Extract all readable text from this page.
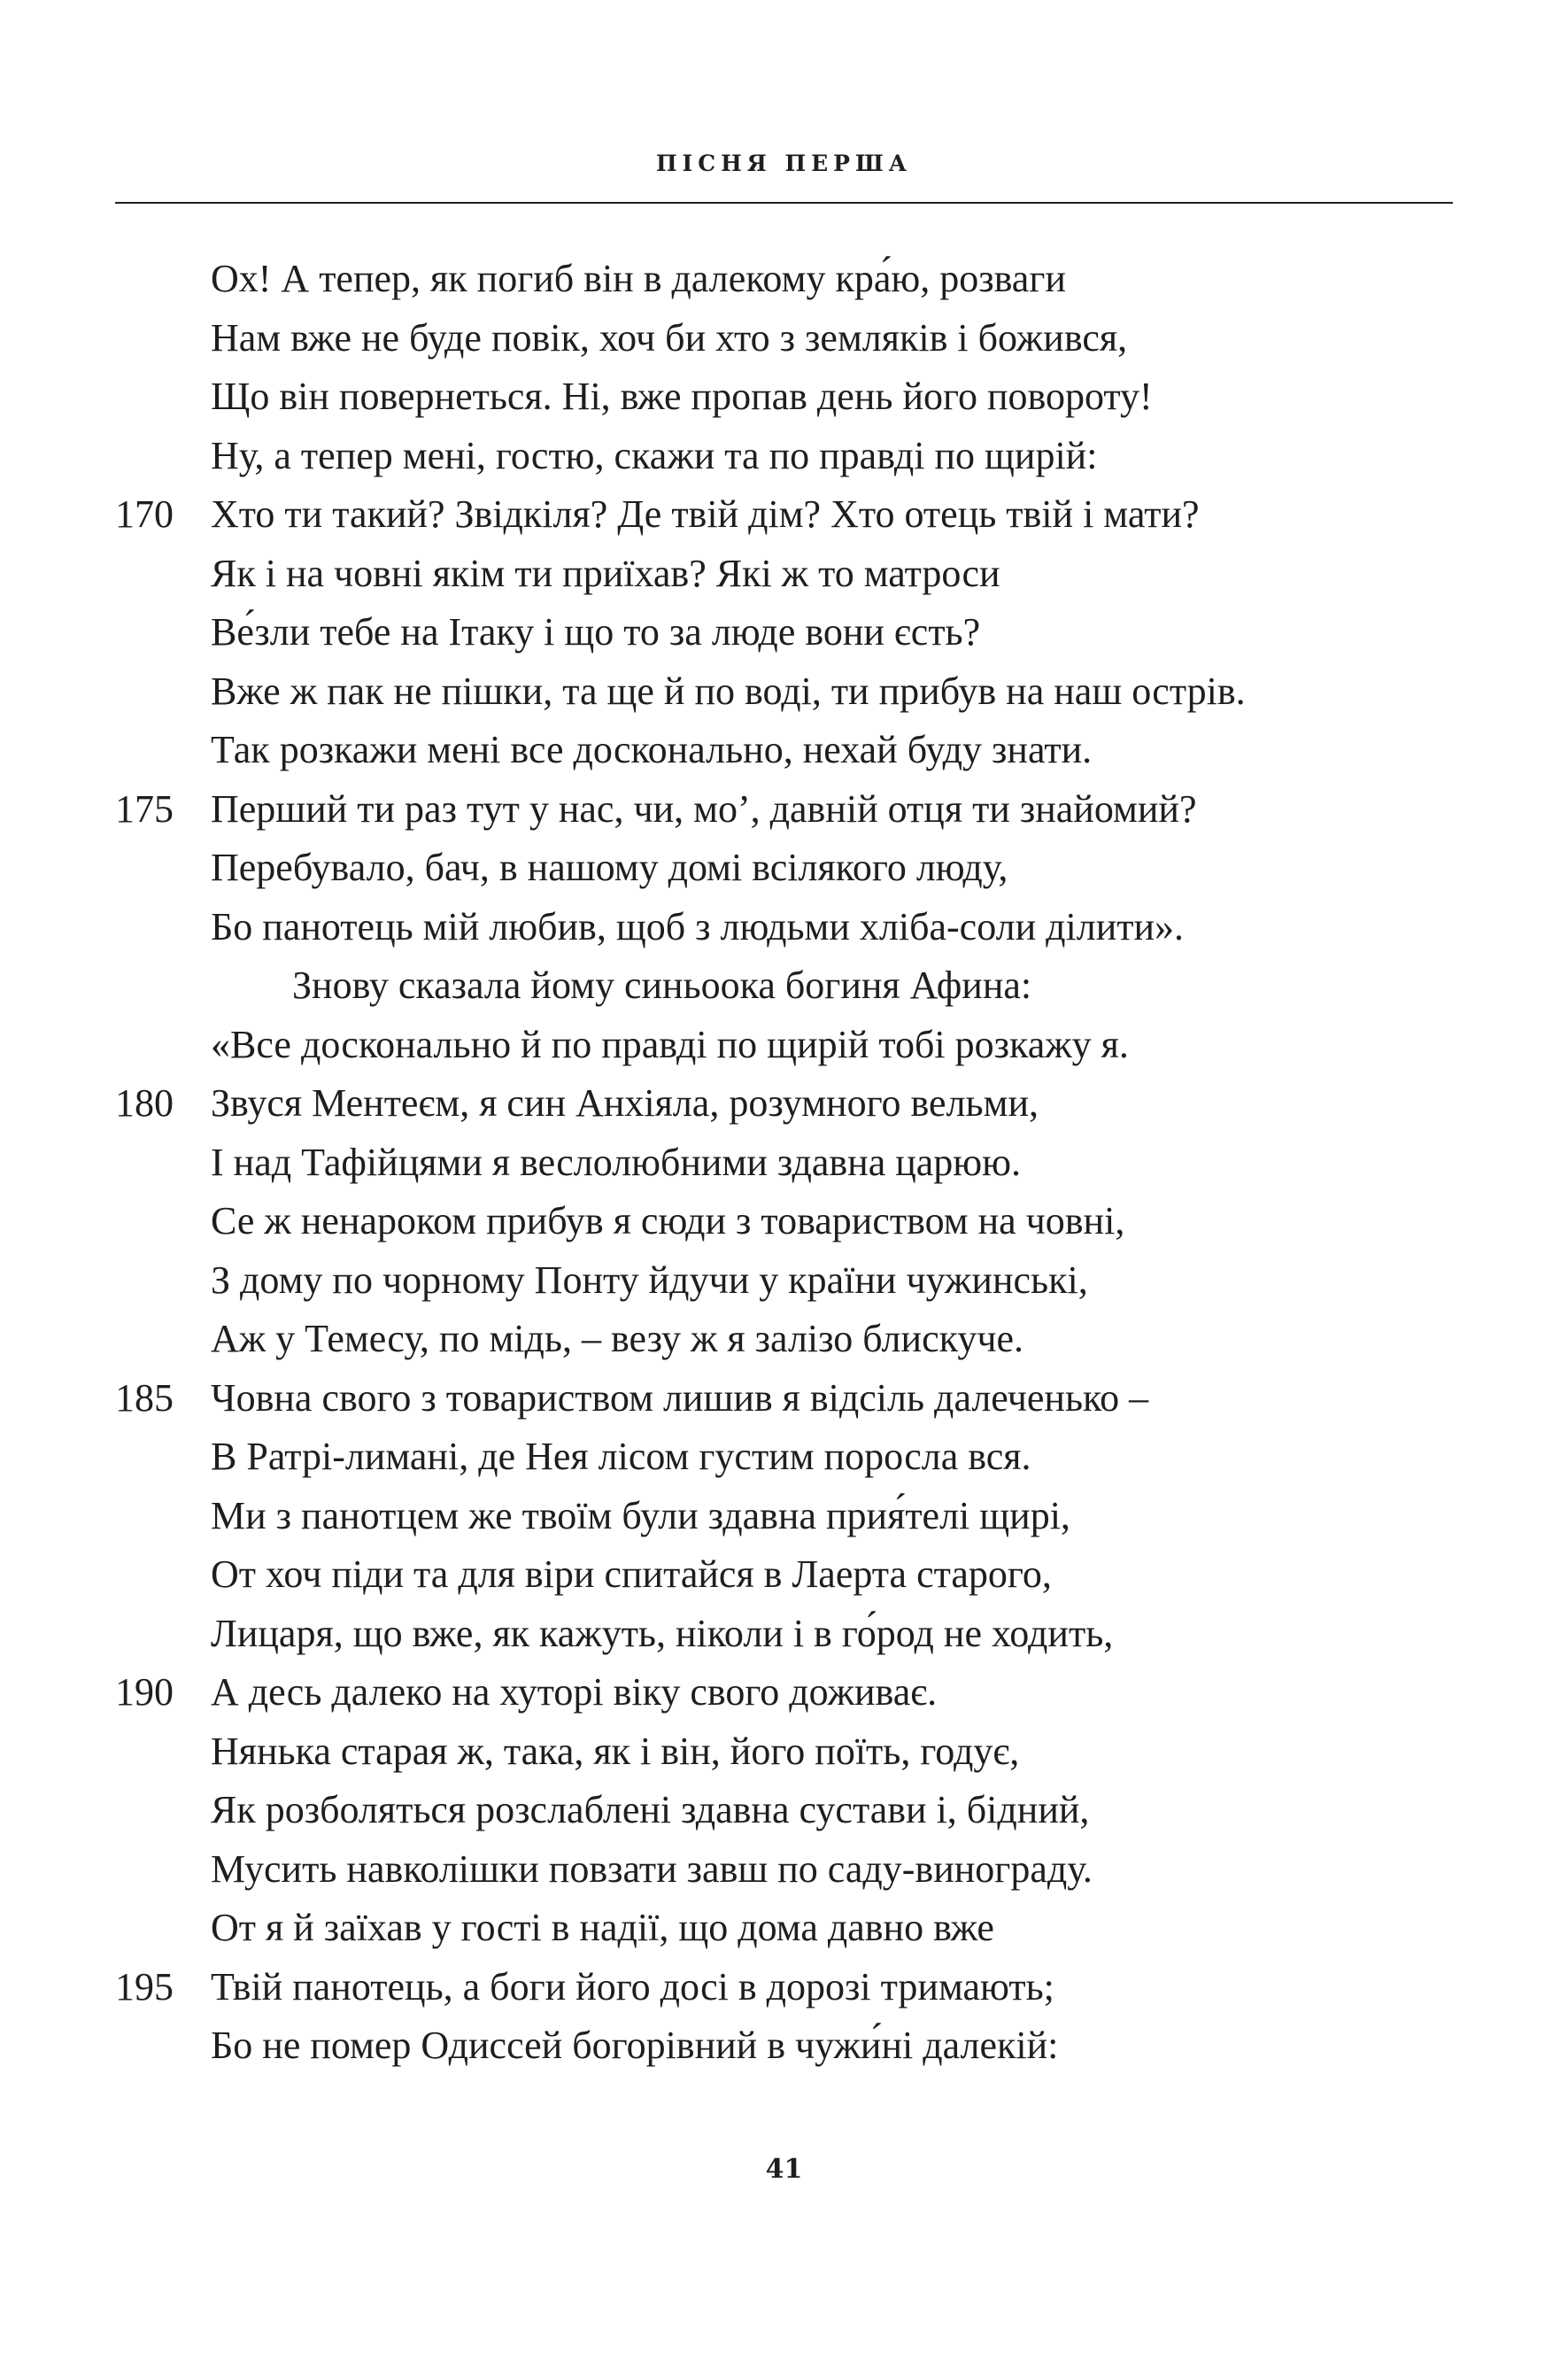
ПІСНЯ ПЕРША
Ох! А тепер, як погиб він в далекому кра́ю, розваги
Нам вже не буде повік, хоч би хто з земляків і божився,
Що він повернеться. Ні, вже пропав день його повороту!
Ну, а тепер мені, гостю, скажи та по правді по щирій:
170 Хто ти такий? Звідкіля? Де твій дім? Хто отець твій і мати?
Як і на човні якім ти приїхав? Які ж то матроси
Ве́зли тебе на Ітаку і що то за люде вони єсть?
Вже ж пак не пішки, та ще й по воді, ти прибув на наш острів.
Так розкажи мені все досконально, нехай буду знати.
175 Перший ти раз тут у нас, чи, мо’, давній отця ти знайомий?
Перебувало, бач, в нашому домі всілякого люду,
Бо панотець мій любив, щоб з людьми хліба-соли ділити».
Знову сказала йому синьоока богиня Афина:
«Все досконально й по правді по щирій тобі розкажу я.
180 Звуся Ментеєм, я син Анхіяла, розумного вельми,
І над Тафійцями я веслолюбними здавна царюю.
Се ж ненароком прибув я сюди з товариством на човні,
З дому по чорному Понту йдучи у країни чужинські,
Аж у Темесу, по мідь, – везу ж я залізо блискуче.
185 Човна свого з товариством лишив я відсіль далеченько –
В Ратрі-лимані, де Нея лісом густим поросла вся.
Ми з панотцем же твоїм були здавна прия́телі щирі,
От хоч піди та для віри спитайся в Лаерта старого,
Лицаря, що вже, як кажуть, ніколи і в го́род не ходить,
190 А десь далеко на хуторі віку свого доживає.
Нянька старая ж, така, як і він, його поїть, годує,
Як розболяться розслаблені здавна сустави і, бідний,
Мусить навколішки повзати завш по саду-винограду.
От я й заїхав у гості в надії, що дома давно вже
195 Твій панотець, а боги його досі в дорозі тримають;
Бо не помер Одиссей богорівний в чужи́ні далекій:
41
